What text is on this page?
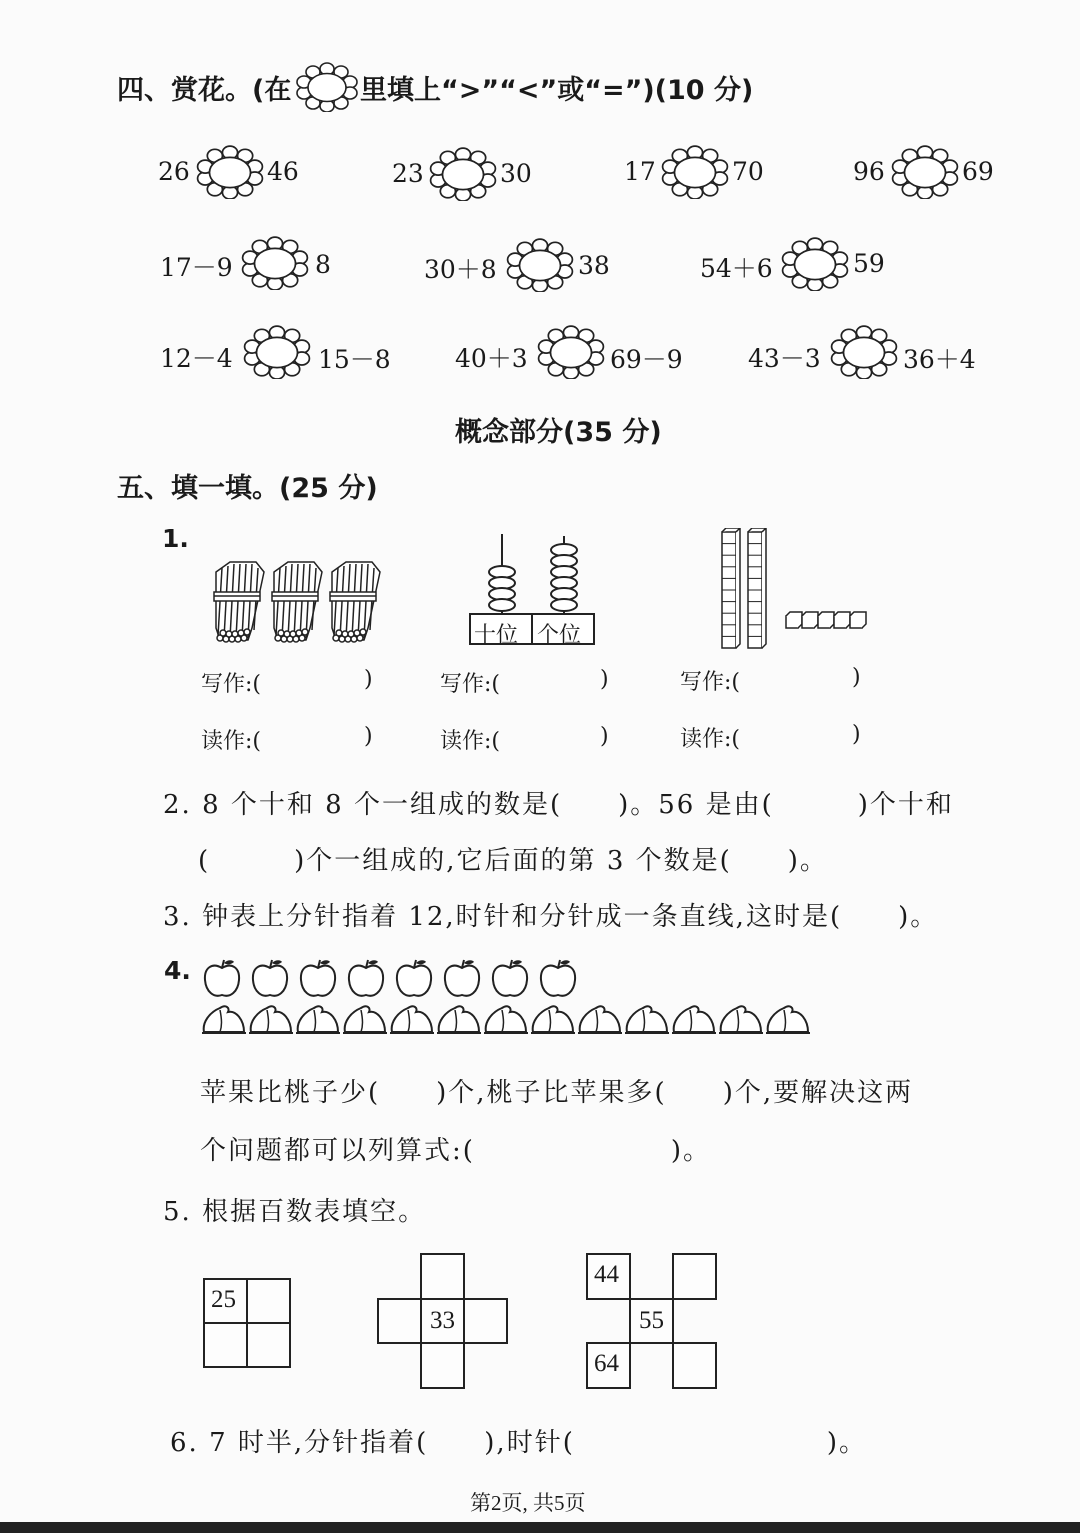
四、赏花。(在	里填上“>”“<”或“=”)(10 分)
26	46	23	30	17	70	96	69
17－9	8	30＋8	38	54＋6	59
12－4	15－8	40＋3	69－9	43－3	36＋4
概念部分(35 分)
五、填一填。(25 分)
1.
十位 个位
写作:(	)	写作:(	)	写作:(	)
读作:(	)	读作:(	)	读作:(	)
2. 8 个十和 8 个一组成的数是(　　)。56 是由(　　　)个十和
(　　　)个一组成的,它后面的第 3 个数是(　　)。
3. 钟表上分针指着 12,时针和分针成一条直线,这时是(　　)。
4.
苹果比桃子少(　　)个,桃子比苹果多(　　)个,要解决这两
个问题都可以列算式:(　　　　　　　)。
5. 根据百数表填空。
25
33
44
55
64
6. 7 时半,分针指着(　　),时针(　　　　　　　　　)。
第2页, 共5页
